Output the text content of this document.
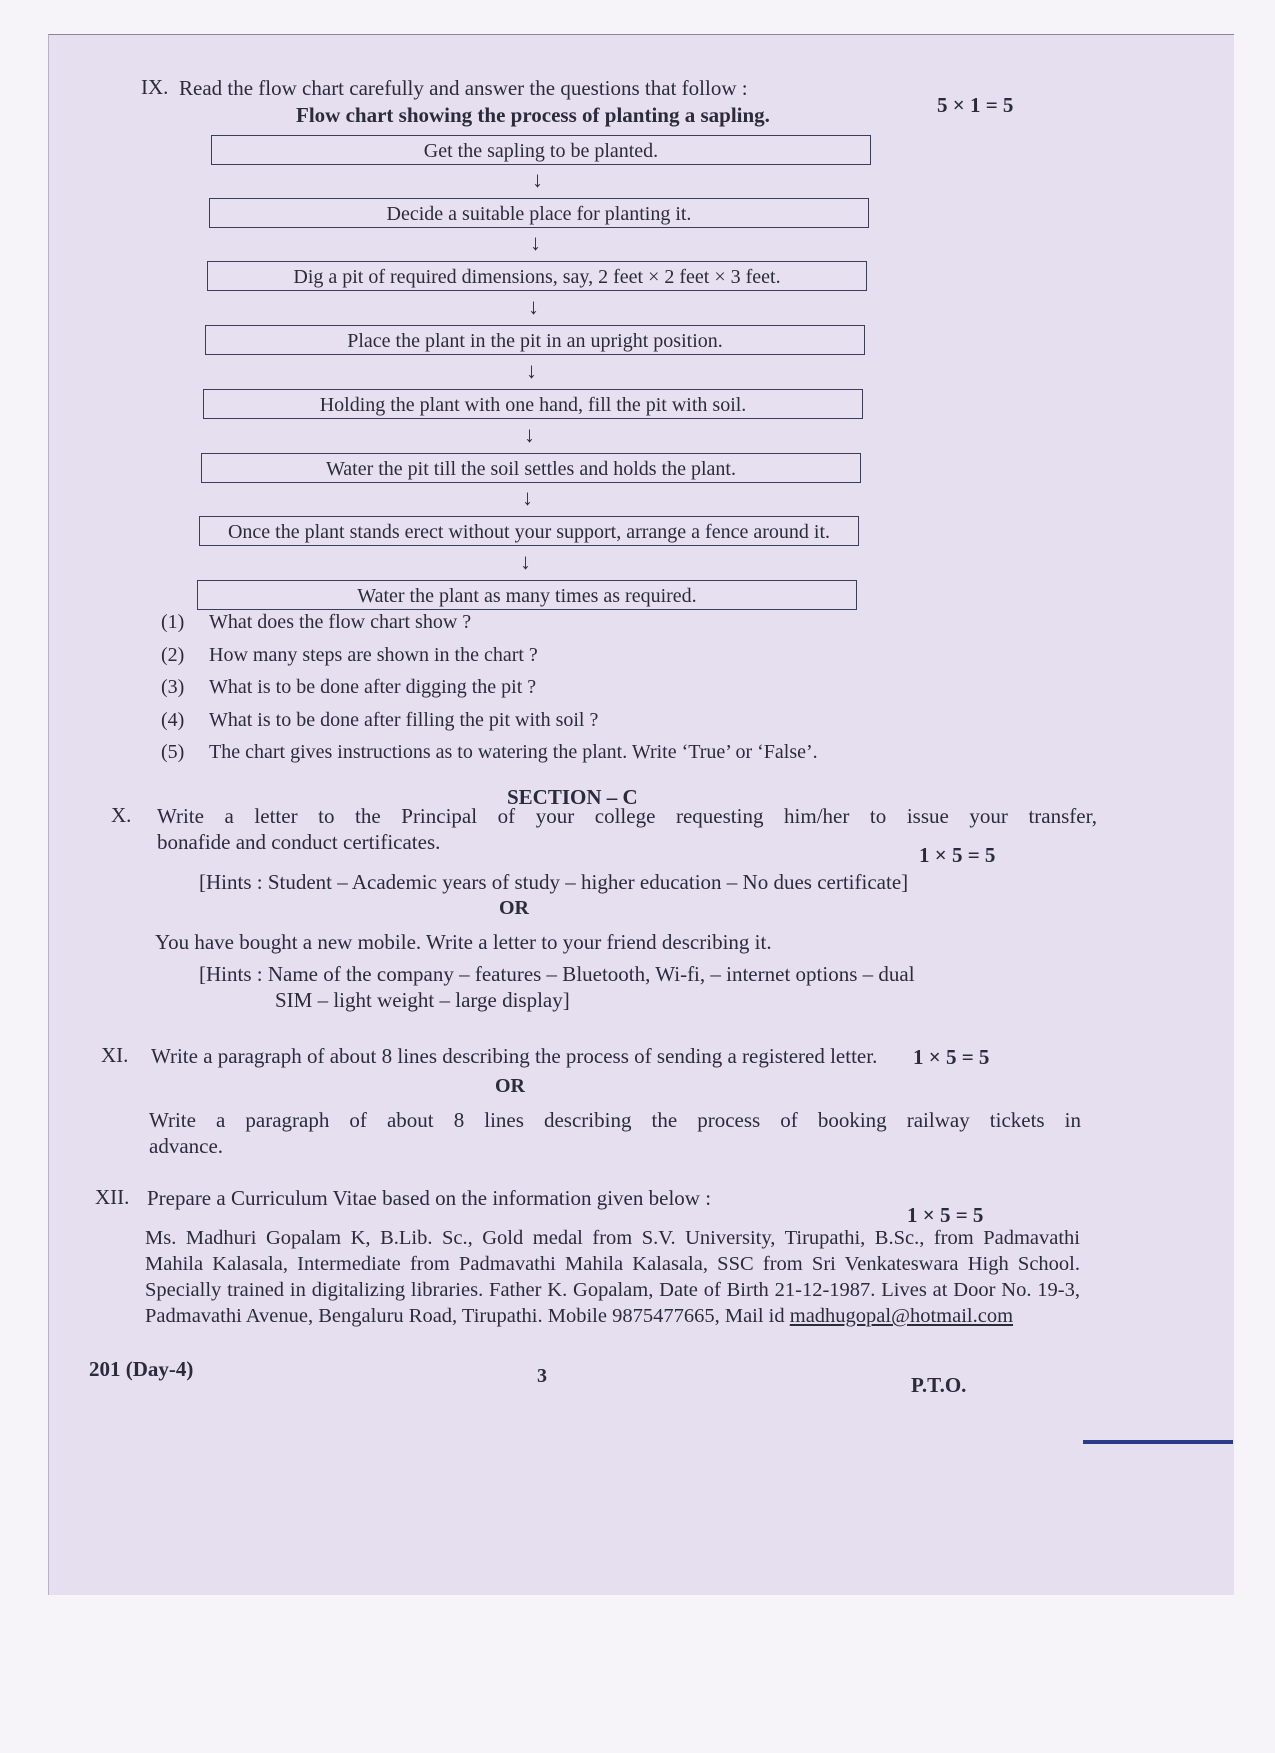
IX. Read the flow chart carefully and answer the questions that follow :
5 × 1 = 5
Flow chart showing the process of planting a sapling.
Get the sapling to be planted.
↓
Decide a suitable place for planting it.
↓
Dig a pit of required dimensions, say, 2 feet × 2 feet × 3 feet.
↓
Place the plant in the pit in an upright position.
↓
Holding the plant with one hand, fill the pit with soil.
↓
Water the pit till the soil settles and holds the plant.
↓
Once the plant stands erect without your support, arrange a fence around it.
↓
Water the plant as many times as required.
(1) What does the flow chart show ?
(2) How many steps are shown in the chart ?
(3) What is to be done after digging the pit ?
(4) What is to be done after filling the pit with soil ?
(5) The chart gives instructions as to watering the plant. Write ‘True’ or ‘False’.
SECTION – C
X. Write a letter to the Principal of your college requesting him/her to issue your transfer,
bonafide and conduct certificates.
1 × 5 = 5
[Hints : Student – Academic years of study – higher education – No dues certificate]
OR
You have bought a new mobile. Write a letter to your friend describing it.
[Hints : Name of the company – features – Bluetooth, Wi-fi, – internet options – dual
SIM – light weight – large display]
XI. Write a paragraph of about 8 lines describing the process of sending a registered letter. 1 × 5 = 5
OR
Write a paragraph of about 8 lines describing the process of booking railway tickets in
advance.
XII. Prepare a Curriculum Vitae based on the information given below :
1 × 5 = 5
Ms. Madhuri Gopalam K, B.Lib. Sc., Gold medal from S.V. University, Tirupathi, B.Sc., from Padmavathi Mahila Kalasala, Intermediate from Padmavathi Mahila Kalasala, SSC from Sri Venkateswara High School. Specially trained in digitalizing libraries. Father K. Gopalam, Date of Birth 21-12-1987. Lives at Door No. 19-3, Padmavathi Avenue, Bengaluru Road, Tirupathi. Mobile 9875477665, Mail id madhugopal@hotmail.com
201 (Day-4)	3	P.T.O.
